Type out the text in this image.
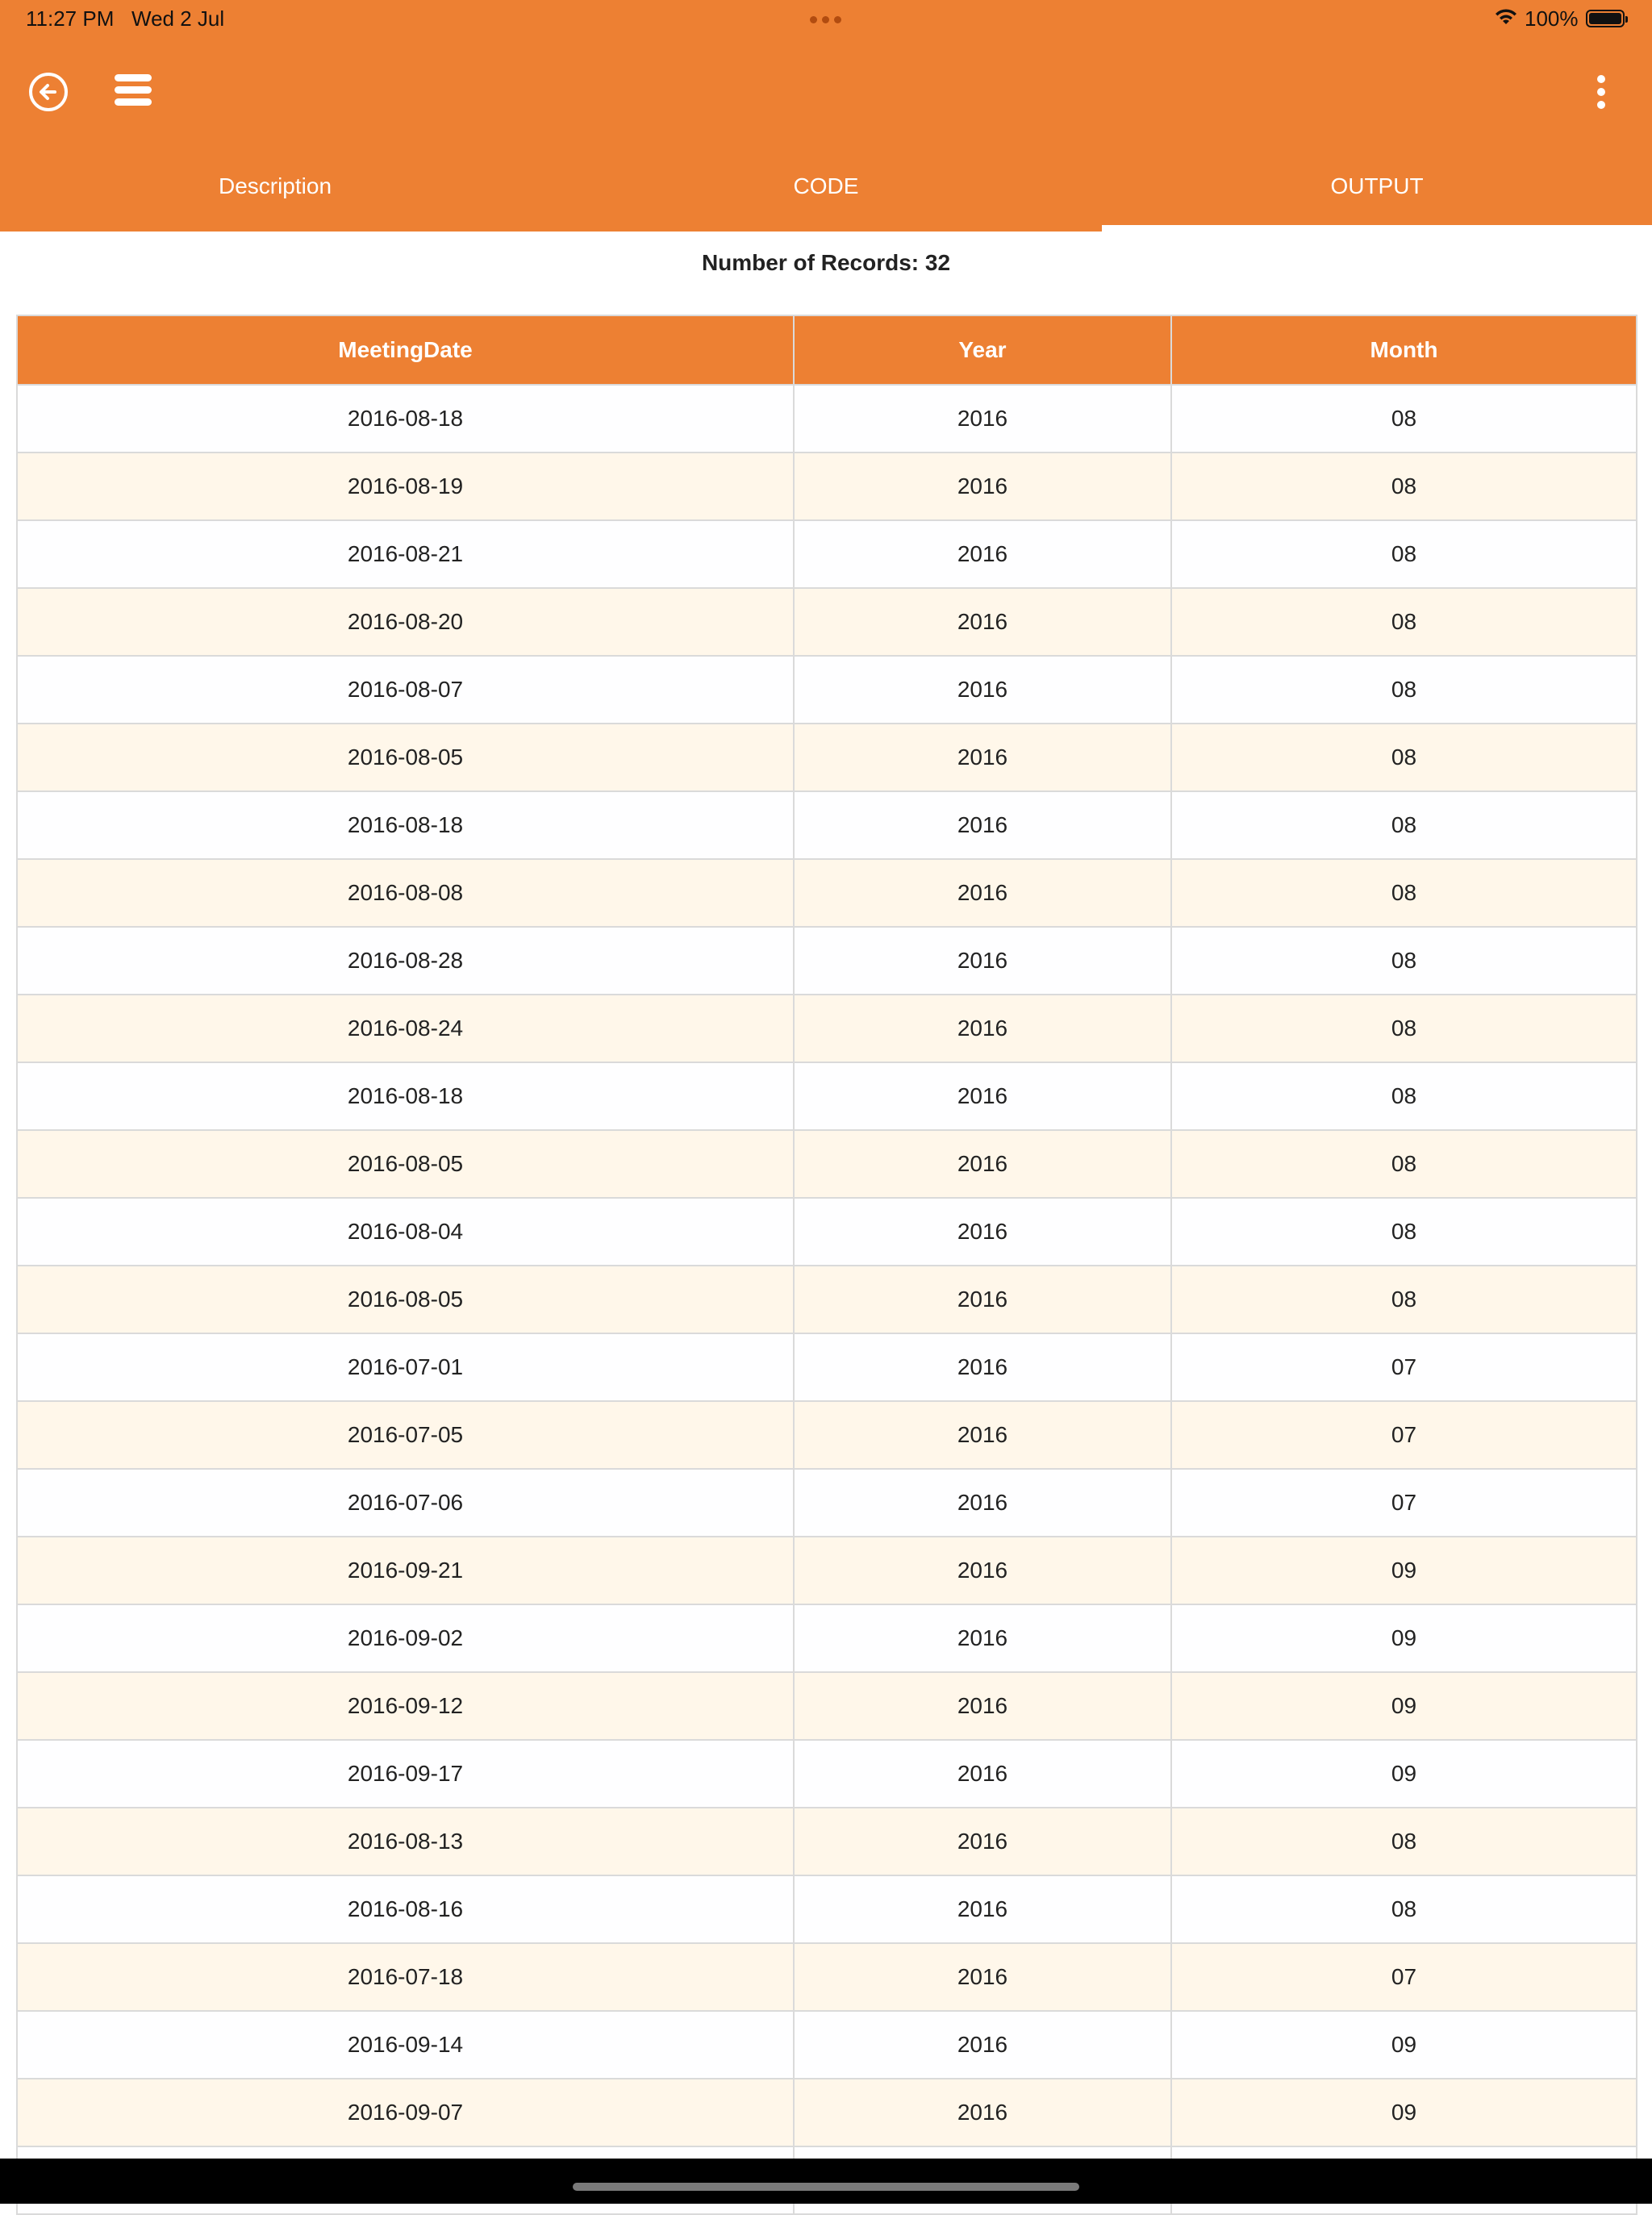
11:27 PM Wed 2 Jul	100%
Description	CODE	OUTPUT
Number of Records: 32
MeetingDate	Year	Month
2016-08-18	2016	08
2016-08-19	2016	08
2016-08-21	2016	08
2016-08-20	2016	08
2016-08-07	2016	08
2016-08-05	2016	08
2016-08-18	2016	08
2016-08-08	2016	08
2016-08-28	2016	08
2016-08-24	2016	08
2016-08-18	2016	08
2016-08-05	2016	08
2016-08-04	2016	08
2016-08-05	2016	08
2016-07-01	2016	07
2016-07-05	2016	07
2016-07-06	2016	07
2016-09-21	2016	09
2016-09-02	2016	09
2016-09-12	2016	09
2016-09-17	2016	09
2016-08-13	2016	08
2016-08-16	2016	08
2016-07-18	2016	07
2016-09-14	2016	09
2016-09-07	2016	09
